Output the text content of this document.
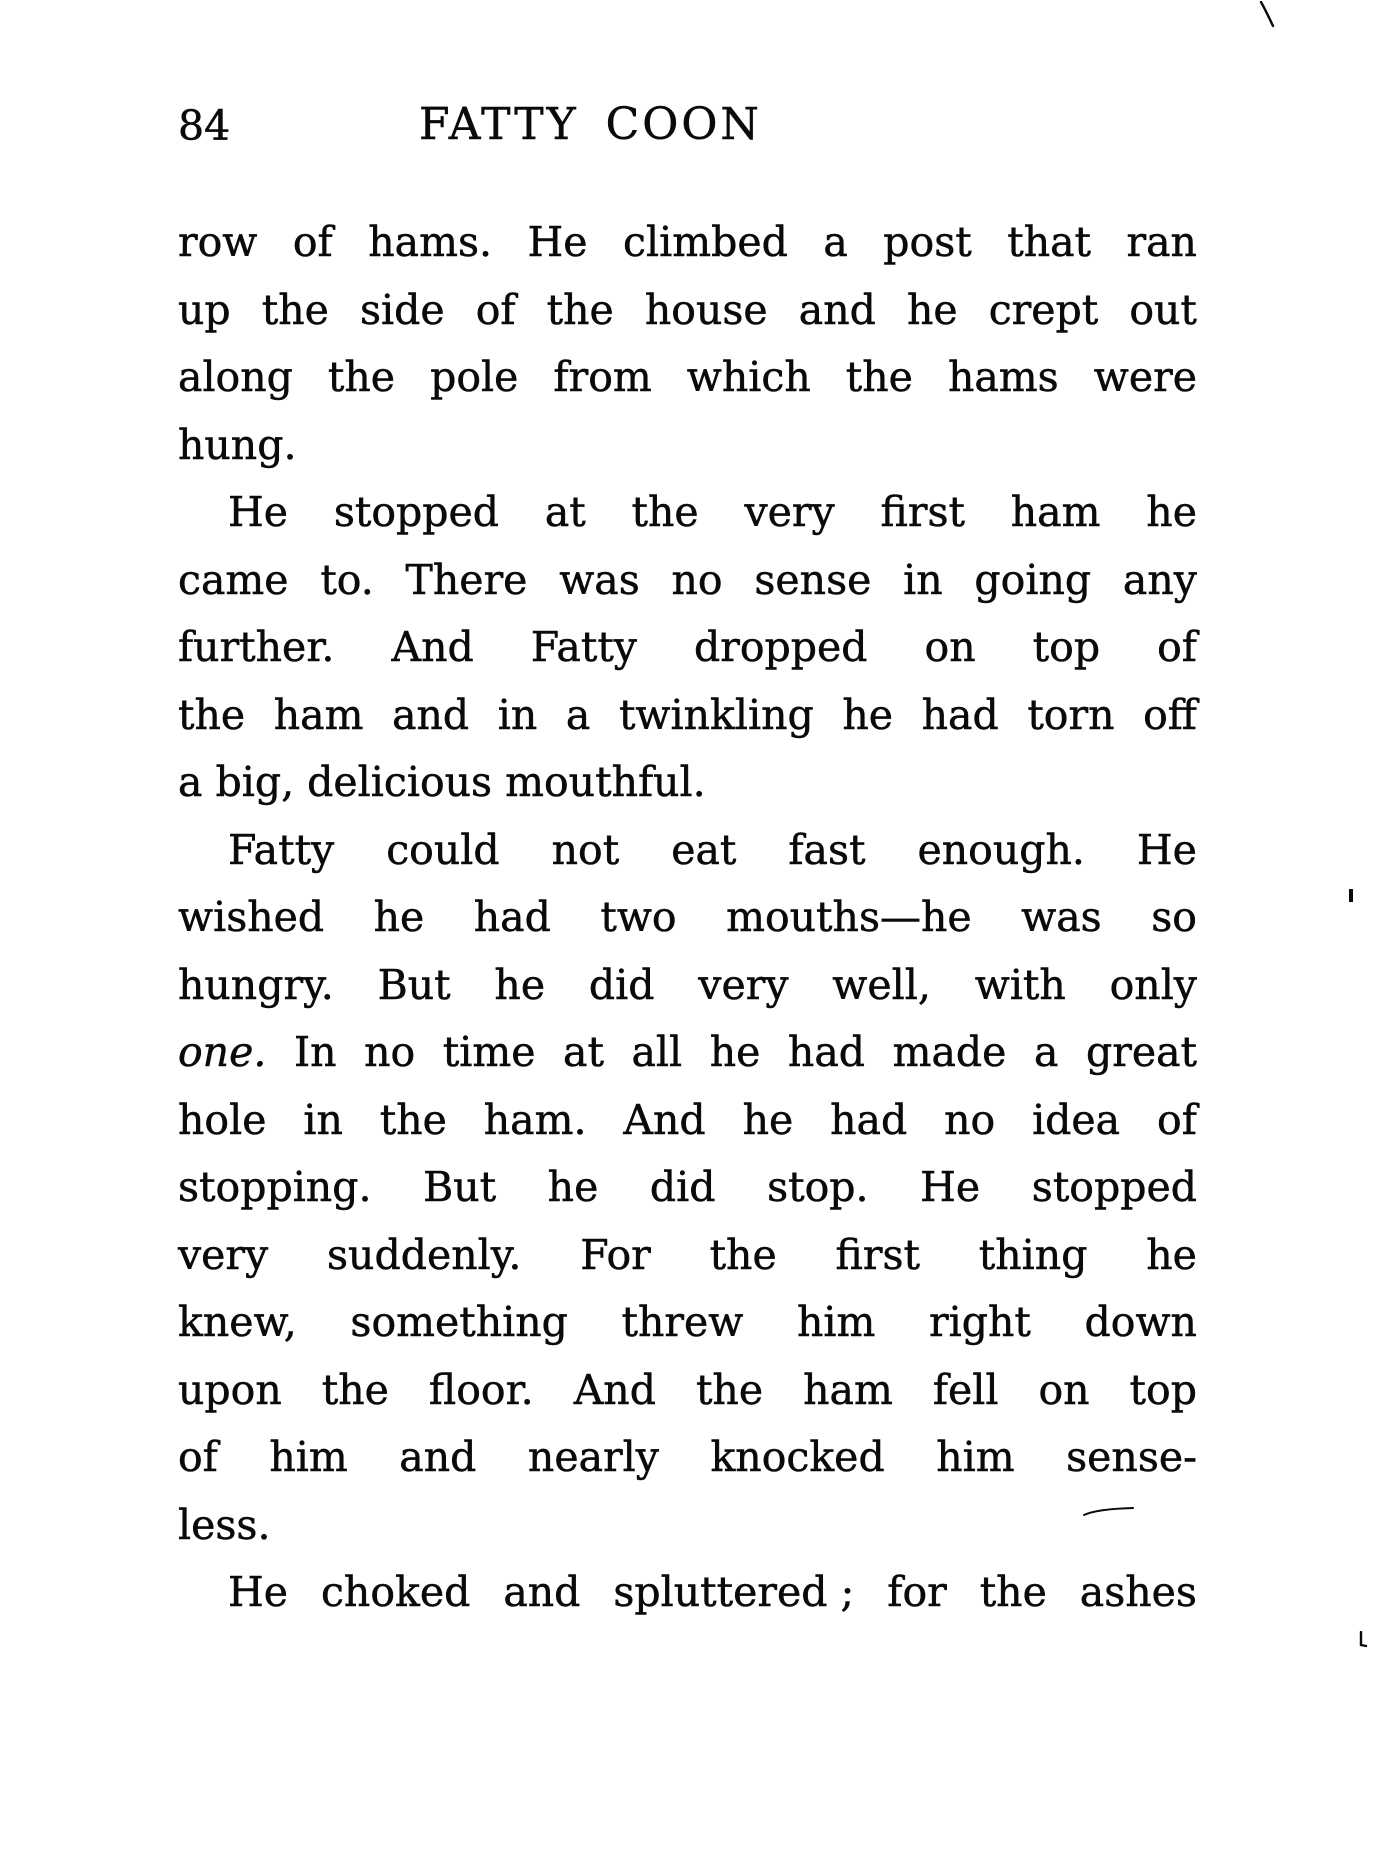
84	FATTY COON
row of hams. He climbed a post that ran
up the side of the house and he crept out
along the pole from which the hams were
hung.
He stopped at the very first ham he
came to. There was no sense in going any
further. And Fatty dropped on top of
the ham and in a twinkling he had torn off
a big, delicious mouthful.
Fatty could not eat fast enough. He
wished he had two mouths—he was so
hungry. But he did very well, with only
one. In no time at all he had made a great
hole in the ham. And he had no idea of
stopping. But he did stop. He stopped
very suddenly. For the first thing he
knew, something threw him right down
upon the floor. And the ham fell on top
of him and nearly knocked him sense-
less.
He choked and spluttered ; for the ashes
